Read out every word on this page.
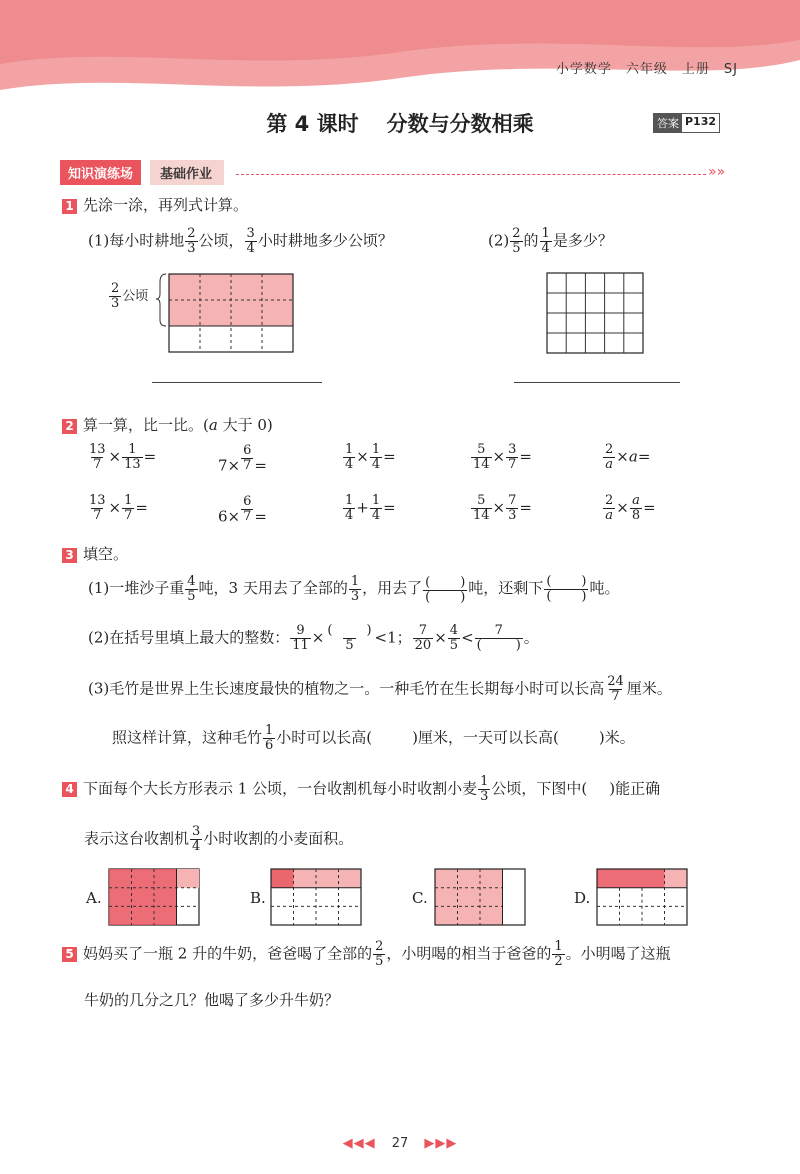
小学数学 六年级 上册 SJ
第 4 课时 分数与分数相乘	答案 P132
基础作业
知识演练场	»»
1 先涂一涂，再列式计算。
(1)每小时耕地 $\frac{2}{3}$ 公顷， $\frac{3}{4}$ 小时耕地多少公顷？	$(2) \frac{2}{5}$ 的 $\frac{1}{4}$ 是多少？
$\frac{2}{3}$ 公顷
2 算一算，比一比。(a 大于 0)
$\frac{13}{7} \times \frac{1}{13}$ =	$7\times \frac{6}{7}$ =	$\frac{1}{4} \times \frac{1}{4}$ =	$\frac{5}{14} \times \frac{3}{7}$ =	$\frac{2}{a} \times a=$
$\frac{13}{7} \times \frac{1}{7}$ =	$6\times \frac{6}{7}$ =	$\frac{1}{4} + \frac{1}{4}$ =	$\frac{5}{14} \times \frac{7}{3}$ =	$\frac{2}{a} \times \frac{a}{8}$ =
3 填空。
(1)一堆沙子重 $\frac{4}{5}$ 吨，3 天用去了全部的 $\frac{1}{3}$ ，用去了 ( )
( )
吨，还剩下 ( )
( ) 吨。
(2)在括号里填上最大的整数： $\frac{9}{11}$ × (	)
5 <1； $\frac{7}{20} \times \frac{4}{5} < 7$
(	) 。
(3)毛竹是世界上生长速度最快的植物之一。一种毛竹在生长期每小时可以长高 $\frac{24}{7}$ 厘米。
照这样计算，这种毛竹 $\frac{1}{6}$ 小时可以长高(	)厘米，一天可以长高(	)米。
4 下面每个大长方形表示 1 公顷，一台收割机每小时收割小麦 $\frac{1}{3}$ 公顷，下图中( )能正确
表示这台收割机 $\frac{3}{4}$ 小时收割的小麦面积。
A.	B.	C.	D.
5 妈妈买了一瓶 2 升的牛奶，爸爸喝了全部的 $\frac{2}{5}$ ，小明喝的相当于爸爸的 $\frac{1}{2}$ 。小明喝了这瓶
牛奶的几分之几？他喝了多少升牛奶？
◀◀◀ 27 ▶▶▶
